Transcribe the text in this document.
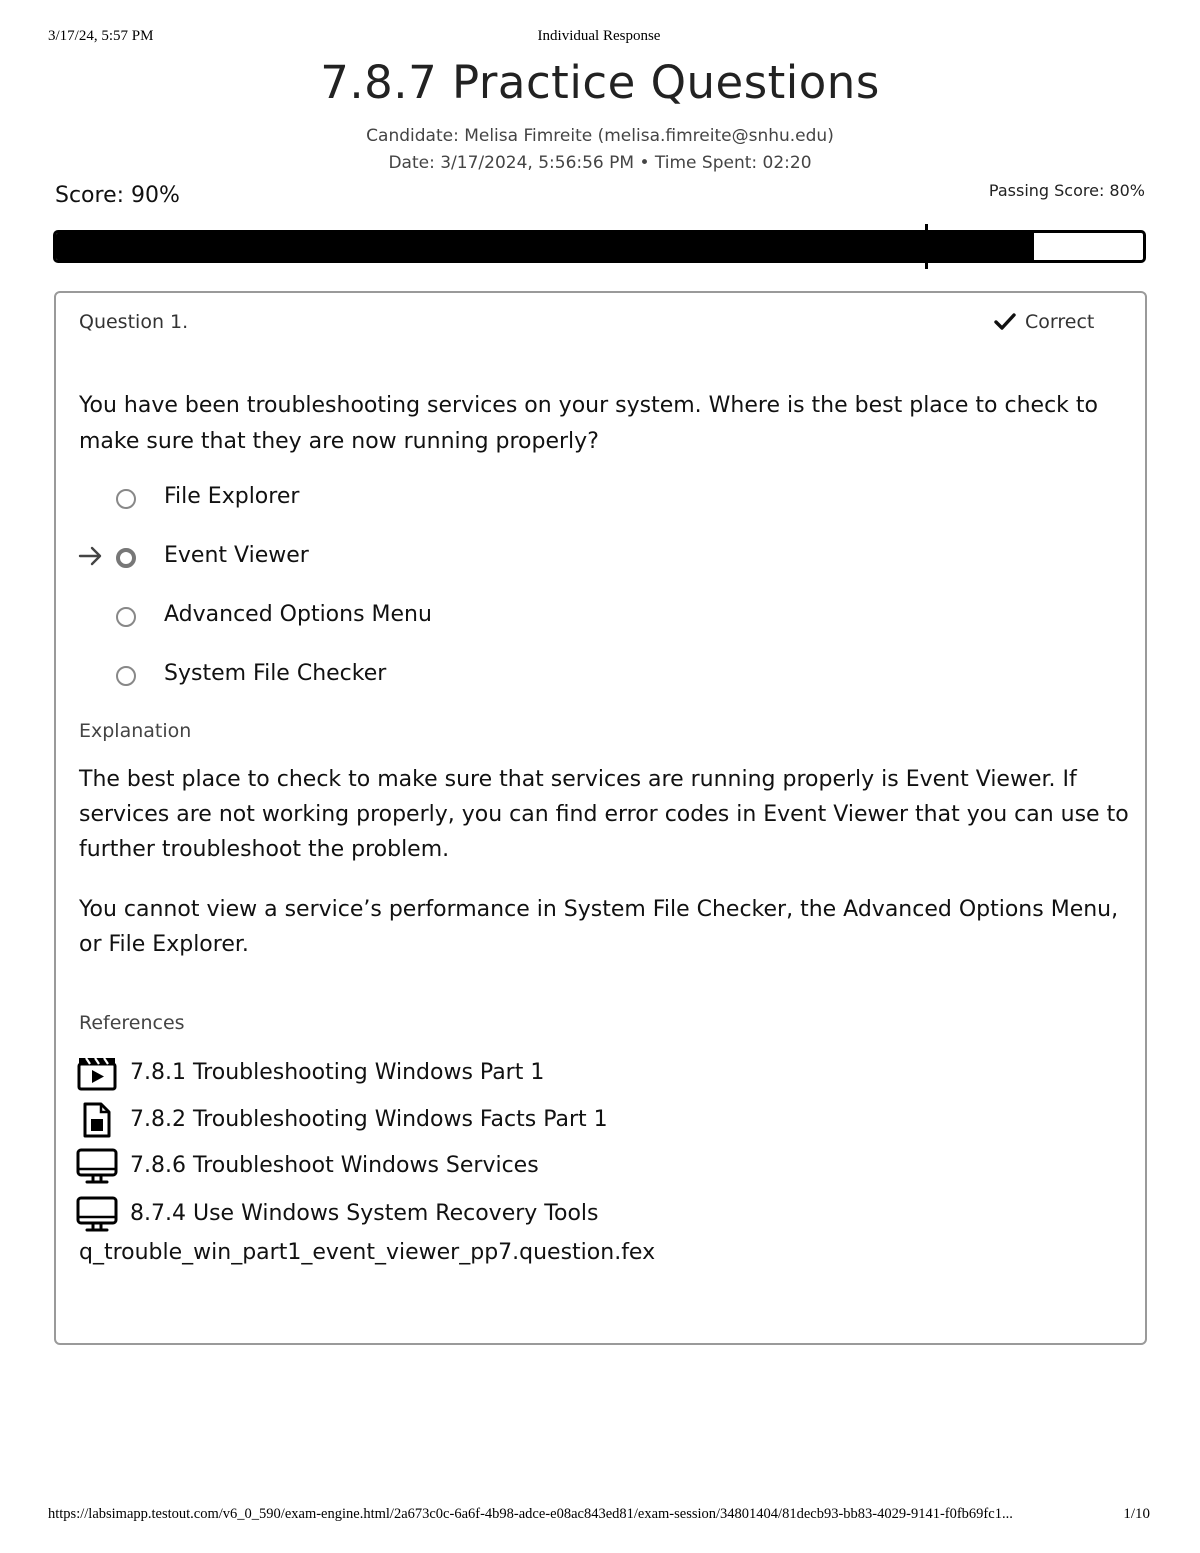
3/17/24, 5:57 PM	Individual Response
7.8.7 Practice Questions
Candidate: Melisa Fimreite (melisa.fimreite@snhu.edu)
Date: 3/17/2024, 5:56:56 PM • Time Spent: 02:20
Score: 90%	Passing Score: 80%
Question 1.	Correct

You have been troubleshooting services on your system. Where is the best place to check to make sure that they are now running properly?

File Explorer
Event Viewer
Advanced Options Menu
System File Checker
Explanation

The best place to check to make sure that services are running properly is Event Viewer. If services are not working properly, you can find error codes in Event Viewer that you can use to further troubleshoot the problem.

You cannot view a service’s performance in System File Checker, the Advanced Options Menu, or File Explorer.

References
7.8.1 Troubleshooting Windows Part 1
7.8.2 Troubleshooting Windows Facts Part 1
7.8.6 Troubleshoot Windows Services
8.7.4 Use Windows System Recovery Tools
q_trouble_win_part1_event_viewer_pp7.question.fex
https://labsimapp.testout.com/v6_0_590/exam-engine.html/2a673c0c-6a6f-4b98-adce-e08ac843ed81/exam-session/34801404/81decb93-bb83-4029-9141-f0fb69fc1...	1/10
